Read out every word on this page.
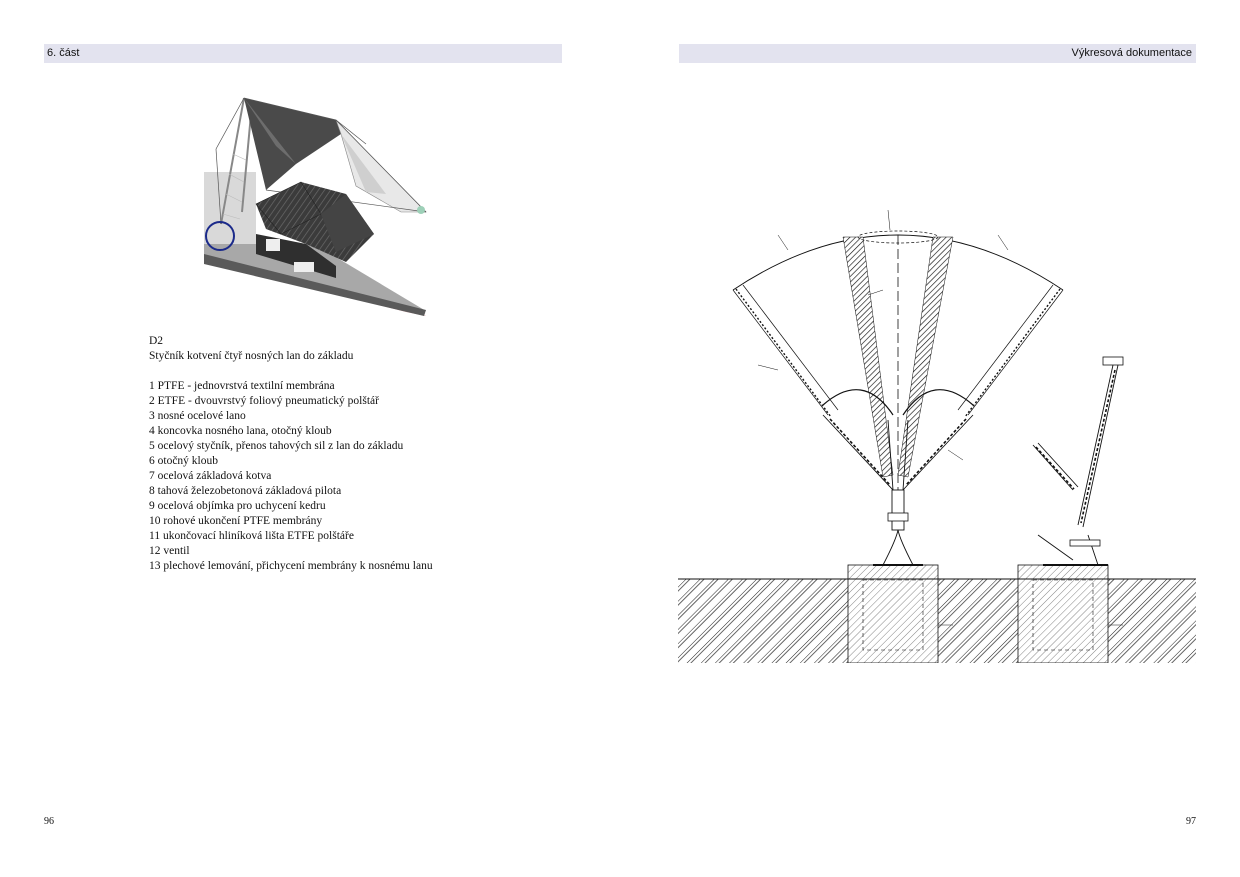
6. část	Výkresová dokumentace
D2
Styčník kotvení čtyř nosných lan do základu
1 PTFE - jednovrstvá textilní membrána
2 ETFE - dvouvrstvý foliový pneumatický polštář
3 nosné ocelové lano
4 koncovka nosného lana, otočný kloub
5 ocelový styčník, přenos tahových sil z lan do základu
6 otočný kloub
7 ocelová základová kotva
8 tahová železobetonová základová pilota
9 ocelová objímka pro uchycení kedru
10 rohové ukončení PTFE membrány
11 ukončovací hliníková lišta ETFE polštáře
12 ventil
13 plechové lemování, přichycení membrány k nosnému lanu
96	97
